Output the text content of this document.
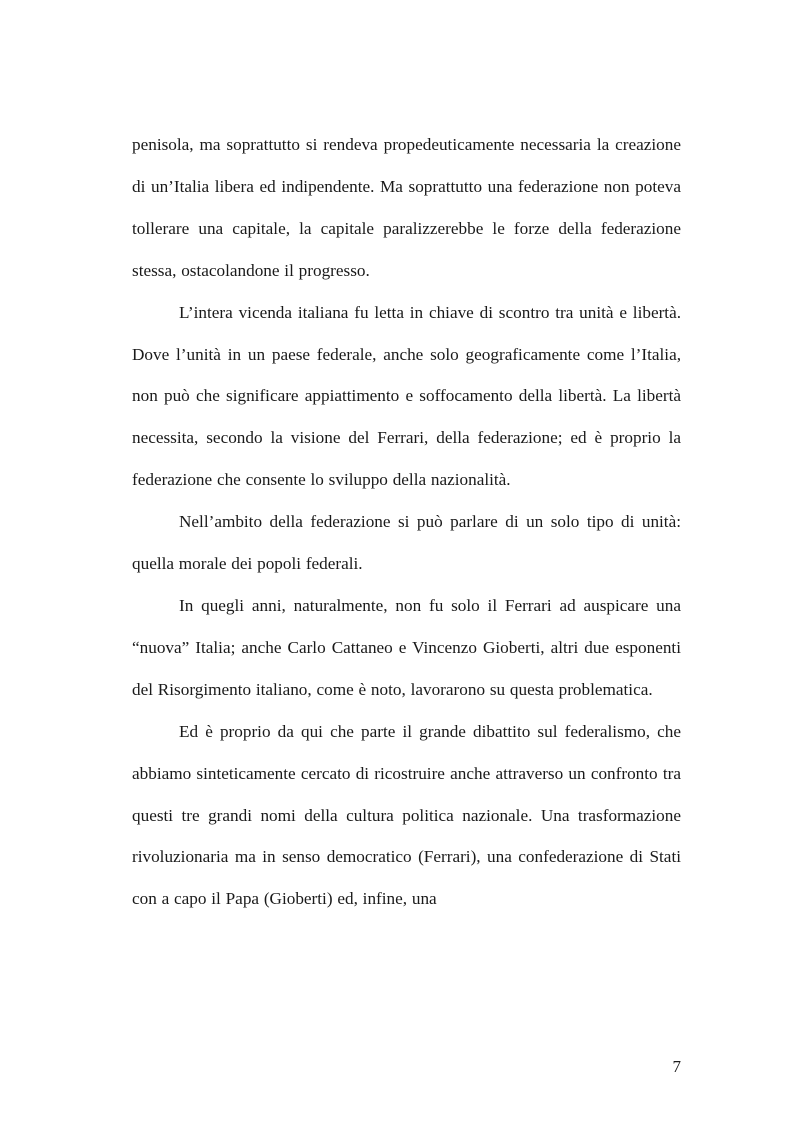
penisola, ma soprattutto si rendeva propedeuticamente necessaria la creazione di un’Italia libera ed indipendente. Ma soprattutto una federazione non poteva tollerare una capitale, la capitale paralizzerebbe le forze della federazione stessa, ostacolandone il progresso.

L’intera vicenda italiana fu letta in chiave di scontro tra unità e libertà. Dove l’unità in un paese federale, anche solo geograficamente come l’Italia, non può che significare appiattimento e soffocamento della libertà. La libertà necessita, secondo la visione del Ferrari, della federazione; ed è proprio la federazione che consente lo sviluppo della nazionalità.

Nell’ambito della federazione si può parlare di un solo tipo di unità: quella morale dei popoli federali.

In quegli anni, naturalmente, non fu solo il Ferrari ad auspicare una “nuova” Italia; anche Carlo Cattaneo e Vincenzo Gioberti, altri due esponenti del Risorgimento italiano, come è noto, lavorarono su questa problematica.

Ed è proprio da qui che parte il grande dibattito sul federalismo, che abbiamo sinteticamente cercato di ricostruire anche attraverso un confronto tra questi tre grandi nomi della cultura politica nazionale. Una trasformazione rivoluzionaria ma in senso democratico (Ferrari), una confederazione di Stati con a capo il Papa (Gioberti) ed, infine, una

7
